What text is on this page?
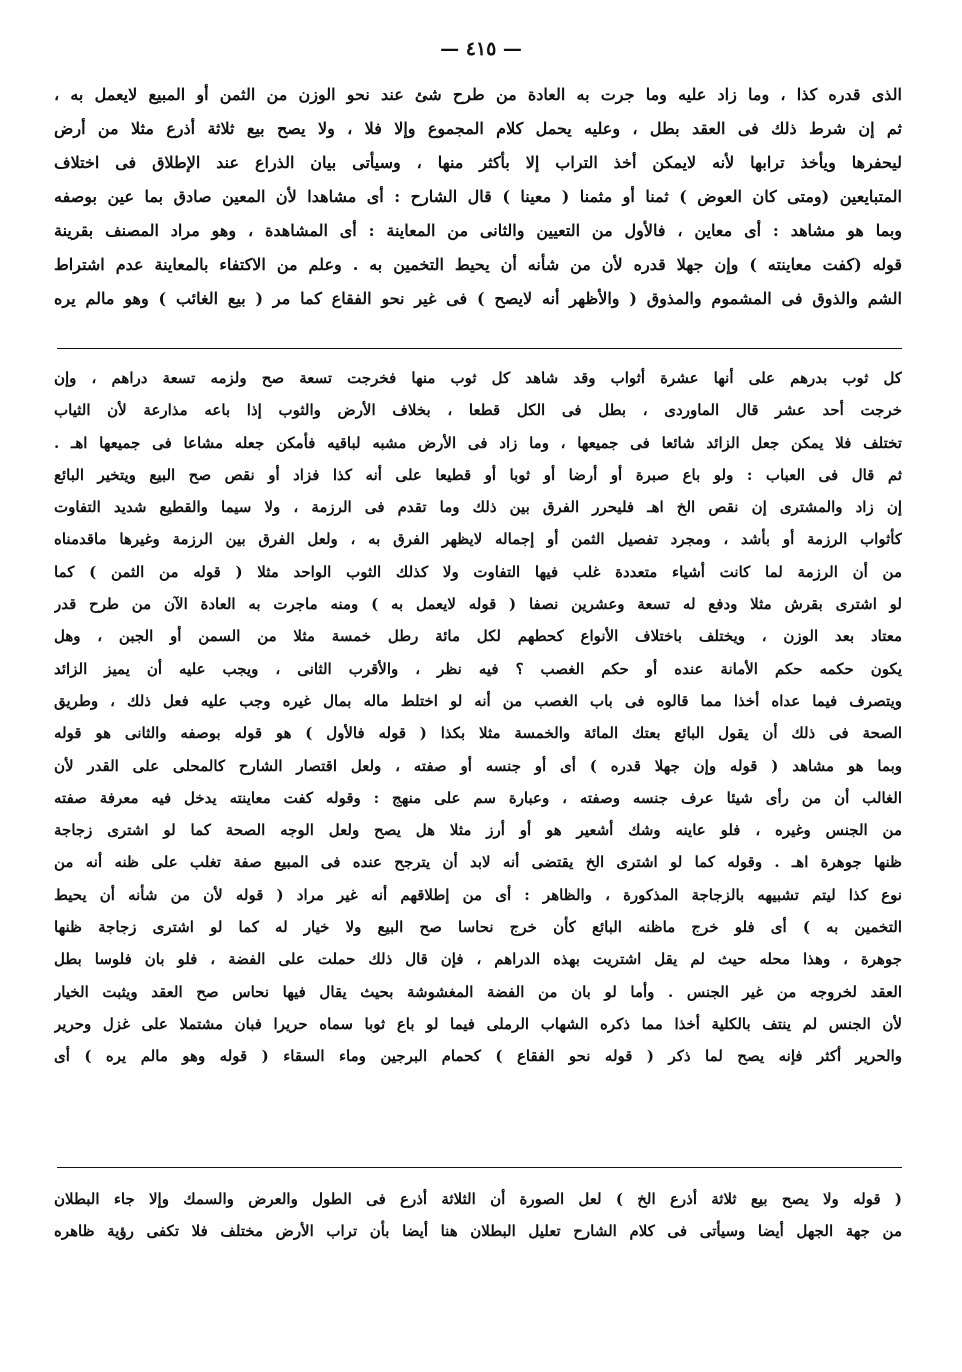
— ٤١٥ —
الذى قدره كذا ، وما زاد عليه وما جرت به العادة من طرح شئ عند نحو الوزن من الثمن أو المبيع لايعمل به ،
ثم إن شرط ذلك فى العقد بطل ، وعليه يحمل كلام المجموع وإلا فلا ، ولا يصح بيع ثلاثة أذرع مثلا من أرض
ليحفرها ويأخذ ترابها لأنه لايمكن أخذ التراب إلا بأكثر منها ، وسيأتى بيان الذراع عند الإطلاق فى اختلاف
المتبايعين (ومتى كان العوض ) ثمنا أو مثمنا ( معينا ) قال الشارح : أى مشاهدا لأن المعين صادق بما عين بوصفه
وبما هو مشاهد : أى معاين ، فالأول من التعيين والثانى من المعاينة : أى المشاهدة ، وهو مراد المصنف بقرينة
قوله (كفت معاينته ) وإن جهلا قدره لأن من شأنه أن يحيط التخمين به . وعلم من الاكتفاء بالمعاينة عدم اشتراط
الشم والذوق فى المشموم والمذوق ( والأظهر أنه لايصح ) فى غير نحو الفقاع كما مر ( بيع الغائب ) وهو مالم يره
كل ثوب بدرهم على أنها عشرة أثواب وقد شاهد كل ثوب منها فخرجت تسعة صح ولزمه تسعة دراهم ، وإن
خرجت أحد عشر قال الماوردى ، بطل فى الكل قطعا ، بخلاف الأرض والثوب إذا باعه مذارعة لأن الثياب
تختلف فلا يمكن جعل الزائد شائعا فى جميعها ، وما زاد فى الأرض مشبه لباقيه فأمكن جعله مشاعا فى جميعها اهـ .
ثم قال فى العباب : ولو باع صبرة أو أرضا أو ثوبا أو قطيعا على أنه كذا فزاد أو نقص صح البيع ويتخير البائع
إن زاد والمشترى إن نقص الخ اهـ فليحرر الفرق بين ذلك وما تقدم فى الرزمة ، ولا سيما والقطيع شديد التفاوت
كأثواب الرزمة أو بأشد ، ومجرد تفصيل الثمن أو إجماله لايظهر الفرق به ، ولعل الفرق بين الرزمة وغيرها ماقدمناه
من أن الرزمة لما كانت أشياء متعددة غلب فيها التفاوت ولا كذلك الثوب الواحد مثلا ( قوله من الثمن ) كما
لو اشترى بقرش مثلا ودفع له تسعة وعشرين نصفا ( قوله لايعمل به ) ومنه ماجرت به العادة الآن من طرح قدر
معتاد بعد الوزن ، ويختلف باختلاف الأنواع كحطهم لكل مائة رطل خمسة مثلا من السمن أو الجبن ، وهل
يكون حكمه حكم الأمانة عنده أو حكم الغصب ؟ فيه نظر ، والأقرب الثانى ، ويجب عليه أن يميز الزائد
ويتصرف فيما عداه أخذا مما قالوه فى باب الغصب من أنه لو اختلط ماله بمال غيره وجب عليه فعل ذلك ، وطريق
الصحة فى ذلك أن يقول البائع بعتك المائة والخمسة مثلا بكذا ( قوله فالأول ) هو قوله بوصفه والثانى هو قوله
وبما هو مشاهد ( قوله وإن جهلا قدره ) أى أو جنسه أو صفته ، ولعل اقتصار الشارح كالمحلى على القدر لأن
الغالب أن من رأى شيئا عرف جنسه وصفته ، وعبارة سم على منهج : وقوله كفت معاينته يدخل فيه معرفة صفته
من الجنس وغيره ، فلو عاينه وشك أشعير هو أو أرز مثلا هل يصح ولعل الوجه الصحة كما لو اشترى زجاجة
ظنها جوهرة اهـ . وقوله كما لو اشترى الخ يقتضى أنه لابد أن يترجح عنده فى المبيع صفة تغلب على ظنه أنه من
نوع كذا ليتم تشبيهه بالزجاجة المذكورة ، والظاهر : أى من إطلاقهم أنه غير مراد ( قوله لأن من شأنه أن يحيط
التخمين به ) أى فلو خرج ماظنه البائع كأن خرج نحاسا صح البيع ولا خيار له كما لو اشترى زجاجة ظنها
جوهرة ، وهذا محله حيث لم يقل اشتريت بهذه الدراهم ، فإن قال ذلك حملت على الفضة ، فلو بان فلوسا بطل
العقد لخروجه من غير الجنس . وأما لو بان من الفضة المغشوشة بحيث يقال فيها نحاس صح العقد ويثبت الخيار
لأن الجنس لم ينتف بالكلية أخذا مما ذكره الشهاب الرملى فيما لو باع ثوبا سماه حريرا فبان مشتملا على غزل وحرير
والحرير أكثر فإنه يصح لما ذكر ( قوله نحو الفقاع ) كحمام البرجين وماء السقاء ( قوله وهو مالم يره ) أى
( قوله ولا يصح بيع ثلاثة أذرع الخ ) لعل الصورة أن الثلاثة أذرع فى الطول والعرض والسمك وإلا جاء البطلان
من جهة الجهل أيضا وسيأتى فى كلام الشارح تعليل البطلان هنا أيضا بأن تراب الأرض مختلف فلا تكفى رؤية ظاهره
